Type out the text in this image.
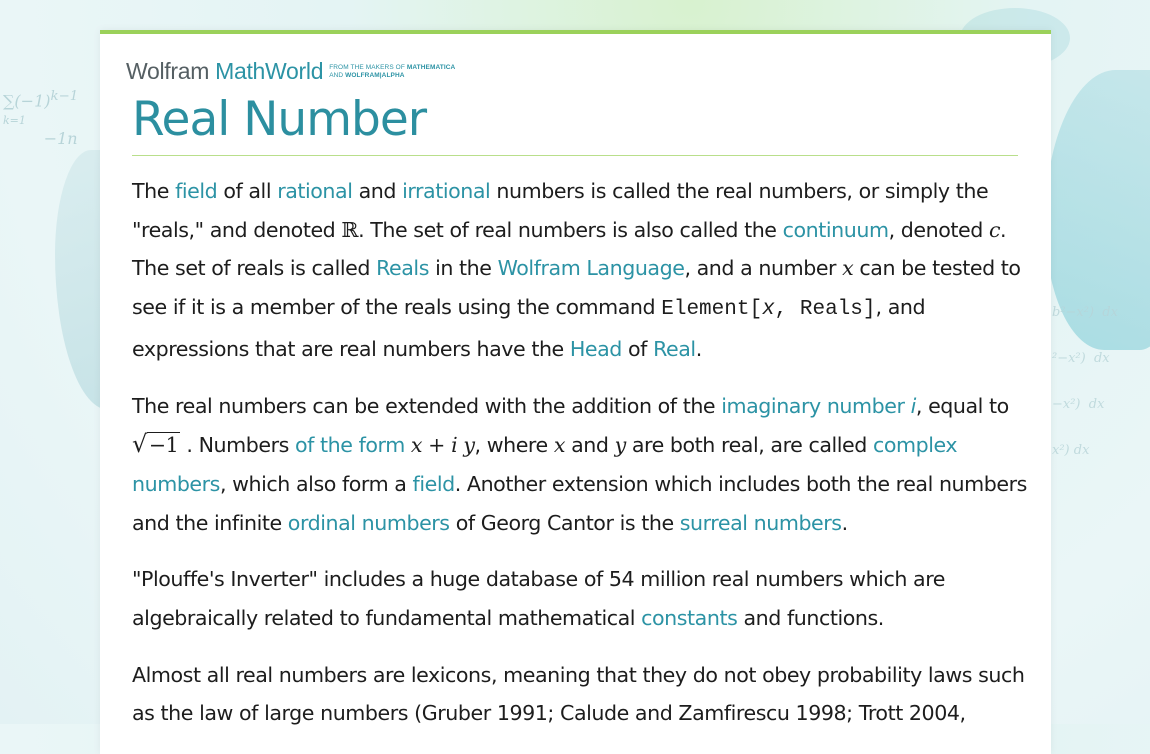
$\sum(-1)^{k-1}$
k=1
−1n
b²−x²)  dx
²−x²)  dx
−x²)  dx
x²) dx
Wolfram MathWorld FROM THE MAKERS OF MATHEMATICA
AND WOLFRAM|ALPHA
Real Number

The field of all rational and irrational numbers is called the real numbers, or simply the "reals," and denoted ℝ. The set of real numbers is also called the continuum, denoted c. The set of reals is called Reals in the Wolfram Language, and a number x can be tested to see if it is a member of the reals using the command Element[x, Reals], and expressions that are real numbers have the Head of Real.

The real numbers can be extended with the addition of the imaginary number i, equal to √−1 . Numbers of the form x + i y, where x and y are both real, are called complex numbers, which also form a field. Another extension which includes both the real numbers and the infinite ordinal numbers of Georg Cantor is the surreal numbers.

"Plouffe's Inverter" includes a huge database of 54 million real numbers which are algebraically related to fundamental mathematical constants and functions.

Almost all real numbers are lexicons, meaning that they do not obey probability laws such as the law of large numbers (Gruber 1991; Calude and Zamfirescu 1998; Trott 2004,
